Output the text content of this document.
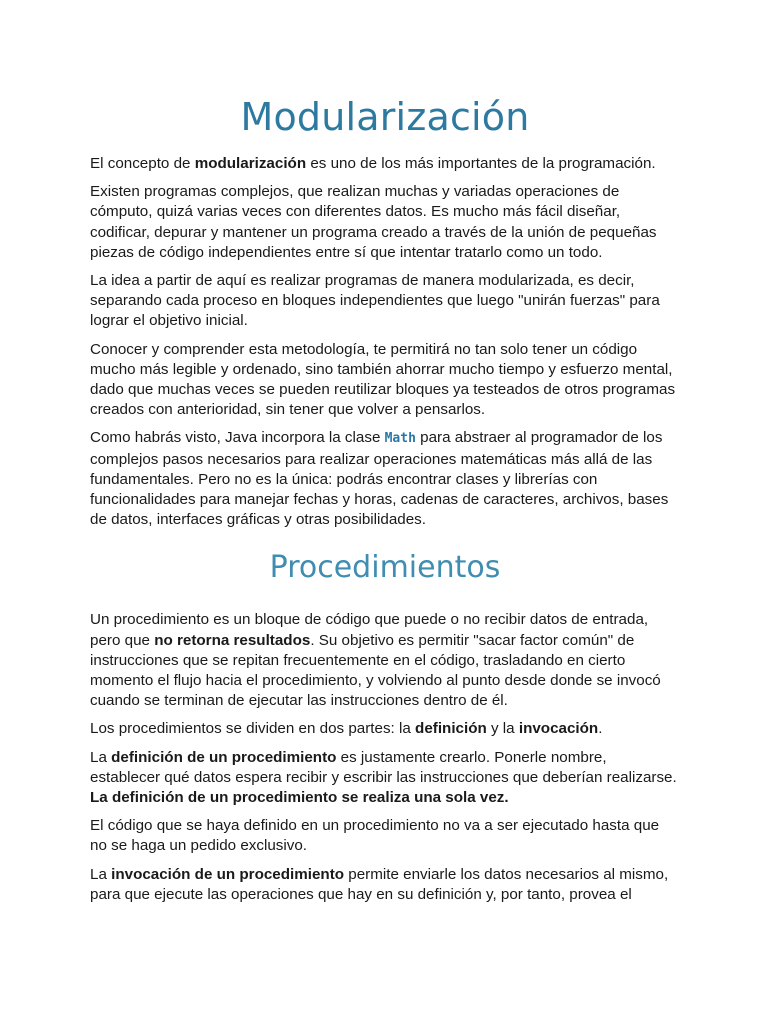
Modularización

El concepto de modularización es uno de los más importantes de la programación.

Existen programas complejos, que realizan muchas y variadas operaciones de cómputo, quizá varias veces con diferentes datos. Es mucho más fácil diseñar, codificar, depurar y mantener un programa creado a través de la unión de pequeñas piezas de código independientes entre sí que intentar tratarlo como un todo.

La idea a partir de aquí es realizar programas de manera modularizada, es decir, separando cada proceso en bloques independientes que luego "unirán fuerzas" para lograr el objetivo inicial.

Conocer y comprender esta metodología, te permitirá no tan solo tener un código mucho más legible y ordenado, sino también ahorrar mucho tiempo y esfuerzo mental, dado que muchas veces se pueden reutilizar bloques ya testeados de otros programas creados con anterioridad, sin tener que volver a pensarlos.

Como habrás visto, Java incorpora la clase Math para abstraer al programador de los complejos pasos necesarios para realizar operaciones matemáticas más allá de las fundamentales. Pero no es la única: podrás encontrar clases y librerías con funcionalidades para manejar fechas y horas, cadenas de caracteres, archivos, bases de datos, interfaces gráficas y otras posibilidades.

Procedimientos

Un procedimiento es un bloque de código que puede o no recibir datos de entrada, pero que no retorna resultados. Su objetivo es permitir "sacar factor común" de instrucciones que se repitan frecuentemente en el código, trasladando en cierto momento el flujo hacia el procedimiento, y volviendo al punto desde donde se invocó cuando se terminan de ejecutar las instrucciones dentro de él.

Los procedimientos se dividen en dos partes: la definición y la invocación.

La definición de un procedimiento es justamente crearlo. Ponerle nombre, establecer qué datos espera recibir y escribir las instrucciones que deberían realizarse. La definición de un procedimiento se realiza una sola vez.

El código que se haya definido en un procedimiento no va a ser ejecutado hasta que no se haga un pedido exclusivo.

La invocación de un procedimiento permite enviarle los datos necesarios al mismo, para que ejecute las operaciones que hay en su definición y, por tanto, provea el
